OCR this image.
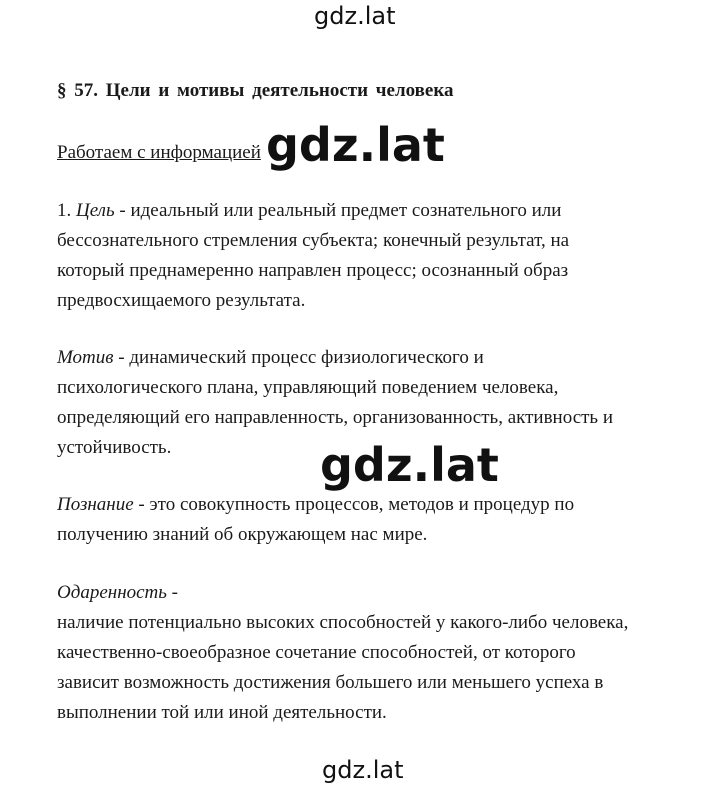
gdz.lat
gdz.lat
gdz.lat
gdz.lat
§ 57. Цели и мотивы деятельности человека
Работаем с информацией
1. Цель - идеальный или реальный предмет сознательного или
бессознательного стремления субъекта; конечный результат, на
который преднамеренно направлен процесс; осознанный образ
предвосхищаемого результата.
Мотив - динамический процесс физиологического и
психологического плана, управляющий поведением человека,
определяющий его направленность, организованность, активность и
устойчивость.
Познание - это совокупность процессов, методов и процедур по
получению знаний об окружающем нас мире.
Одаренность -
наличие потенциально высоких способностей у какого-либо человека,
качественно-своеобразное сочетание способностей, от которого
зависит возможность достижения большего или меньшего успеха в
выполнении той или иной деятельности.
